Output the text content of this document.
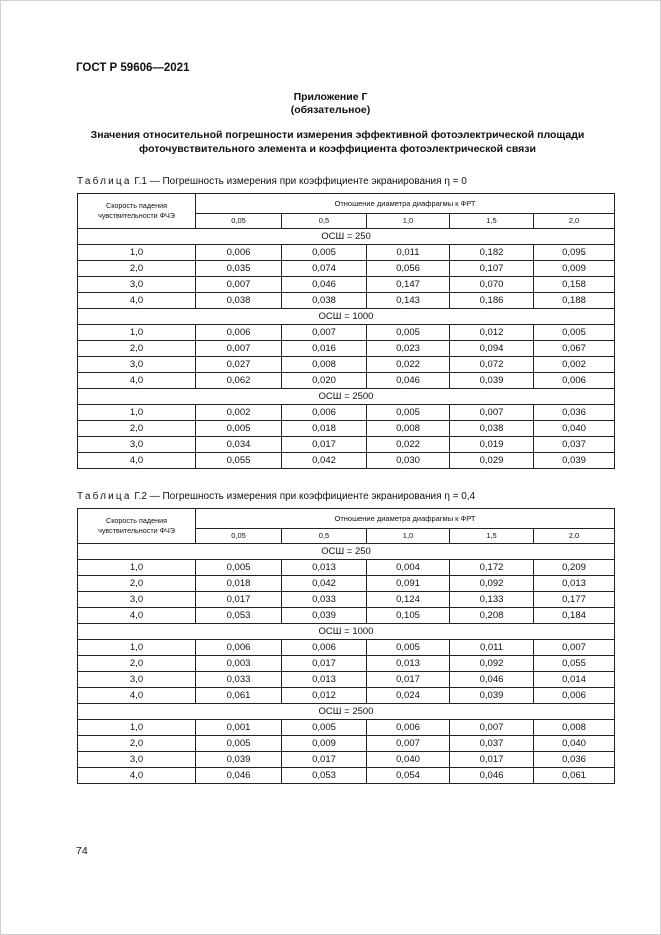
ГОСТ Р 59606—2021
Приложение Г
(обязательное)
Значения относительной погрешности измерения эффективной фотоэлектрической площади
фоточувствительного элемента и коэффициента фотоэлектрической связи
Таблица Г.1 — Погрешность измерения при коэффициенте экранирования η = 0
Скорость падения чувствительности ФЧЭ	Отношение диаметра диафрагмы к ФРТ				
	0,05	0,5	1,0	1,5	2,0
ОСШ = 250					
1,0	0,006	0,005	0,011	0,182	0,095
2,0	0,035	0,074	0,056	0,107	0,009
3,0	0,007	0,046	0,147	0,070	0,158
4,0	0,038	0,038	0,143	0,186	0,188
ОСШ = 1000					
1,0	0,006	0,007	0,005	0,012	0,005
2,0	0,007	0,016	0,023	0,094	0,067
3,0	0,027	0,008	0,022	0,072	0,002
4,0	0,062	0,020	0,046	0,039	0,006
ОСШ = 2500					
1,0	0,002	0,006	0,005	0,007	0,036
2,0	0,005	0,018	0,008	0,038	0,040
3,0	0,034	0,017	0,022	0,019	0,037
4,0	0,055	0,042	0,030	0,029	0,039
Таблица Г.2 — Погрешность измерения при коэффициенте экранирования η = 0,4
Скорость падения чувствительности ФЧЭ	Отношение диаметра диафрагмы к ФРТ				
	0,05	0,5	1,0	1,5	2,0
ОСШ = 250					
1,0	0,005	0,013	0,004	0,172	0,209
2,0	0,018	0,042	0,091	0,092	0,013
3,0	0,017	0,033	0,124	0,133	0,177
4,0	0,053	0,039	0,105	0,208	0,184
ОСШ = 1000					
1,0	0,006	0,006	0,005	0,011	0,007
2,0	0,003	0,017	0,013	0,092	0,055
3,0	0,033	0,013	0,017	0,046	0,014
4,0	0,061	0,012	0,024	0,039	0,006
ОСШ = 2500					
1,0	0,001	0,005	0,006	0,007	0,008
2,0	0,005	0,009	0,007	0,037	0,040
3,0	0,039	0,017	0,040	0,017	0,036
4,0	0,046	0,053	0,054	0,046	0,061
74
